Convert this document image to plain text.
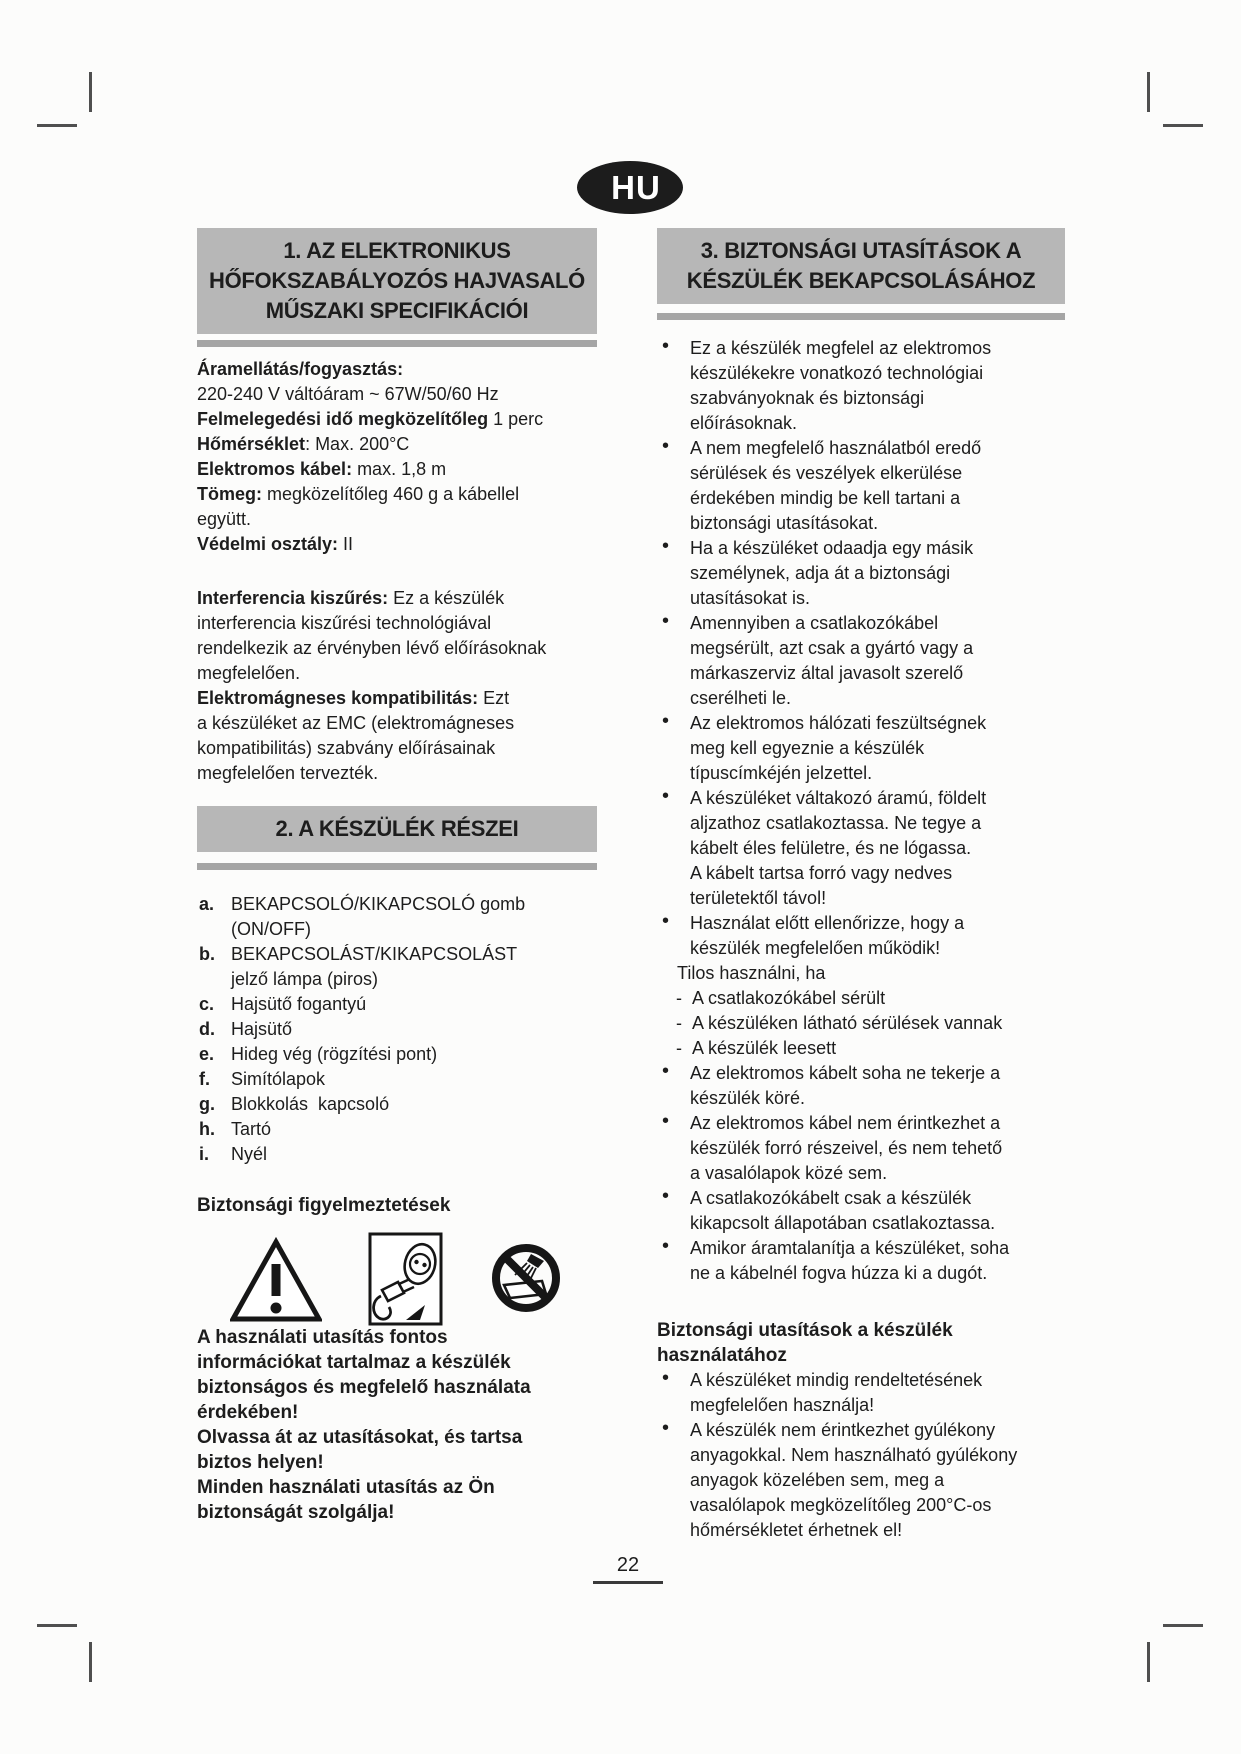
HU
1. AZ ELEKTRONIKUS HŐFOKSZABÁLYOZÓS HAJVASALÓ MŰSZAKI SPECIFIKÁCIÓI
Áramellátás/fogyasztás:
220-240 V váltóáram ~ 67W/50/60 Hz
Felmelegedési idő megközelítőleg 1 perc
Hőmérséklet: Max. 200°C
Elektromos kábel: max. 1,8 m
Tömeg: megközelítőleg 460 g a kábellel
együtt.
Védelmi osztály: II
Interferencia kiszűrés: Ez a készülék
interferencia kiszűrési technológiával
rendelkezik az érvényben lévő előírásoknak
megfelelően.
Elektromágneses kompatibilitás: Ezt
a készüléket az EMC (elektromágneses
kompatibilitás) szabvány előírásainak
megfelelően tervezték.
2. A KÉSZÜLÉK RÉSZEI
a. BEKAPCSOLÓ/KIKAPCSOLÓ gomb
(ON/OFF)
b. BEKAPCSOLÁST/KIKAPCSOLÁST
jelző lámpa (piros)
c. Hajsütő fogantyú
d. Hajsütő
e. Hideg vég (rögzítési pont)
f. Simítólapok
g. Blokkolás  kapcsoló
h. Tartó
i. Nyél
Biztonsági figyelmeztetések
A használati utasítás fontos
információkat tartalmaz a készülék
biztonságos és megfelelő használata
érdekében!
Olvassa át az utasításokat, és tartsa
biztos helyen!
Minden használati utasítás az Ön
biztonságát szolgálja!
3. BIZTONSÁGI UTASÍTÁSOK A KÉSZÜLÉK BEKAPCSOLÁSÁHOZ
• Ez a készülék megfelel az elektromos
készülékekre vonatkozó technológiai
szabványoknak és biztonsági
előírásoknak.
• A nem megfelelő használatból eredő
sérülések és veszélyek elkerülése
érdekében mindig be kell tartani a
biztonsági utasításokat.
• Ha a készüléket odaadja egy másik
személynek, adja át a biztonsági
utasításokat is.
• Amennyiben a csatlakozókábel
megsérült, azt csak a gyártó vagy a
márkaszerviz által javasolt szerelő
cserélheti le.
• Az elektromos hálózati feszültségnek
meg kell egyeznie a készülék
típuscímkéjén jelzettel.
• A készüléket váltakozó áramú, földelt
aljzathoz csatlakoztassa. Ne tegye a
kábelt éles felületre, és ne lógassa.
A kábelt tartsa forró vagy nedves
területektől távol!
• Használat előtt ellenőrizze, hogy a
készülék megfelelően működik!
Tilos használni, ha
- A csatlakozókábel sérült
- A készüléken látható sérülések vannak
- A készülék leesett
• Az elektromos kábelt soha ne tekerje a
készülék köré.
• Az elektromos kábel nem érintkezhet a
készülék forró részeivel, és nem tehető
a vasalólapok közé sem.
• A csatlakozókábelt csak a készülék
kikapcsolt állapotában csatlakoztassa.
• Amikor áramtalanítja a készüléket, soha
ne a kábelnél fogva húzza ki a dugót.
Biztonsági utasítások a készülék
használatához
• A készüléket mindig rendeltetésének
megfelelően használja!
• A készülék nem érintkezhet gyúlékony
anyagokkal. Nem használható gyúlékony
anyagok közelében sem, meg a
vasalólapok megközelítőleg 200°C-os
hőmérsékletet érhetnek el!
22
